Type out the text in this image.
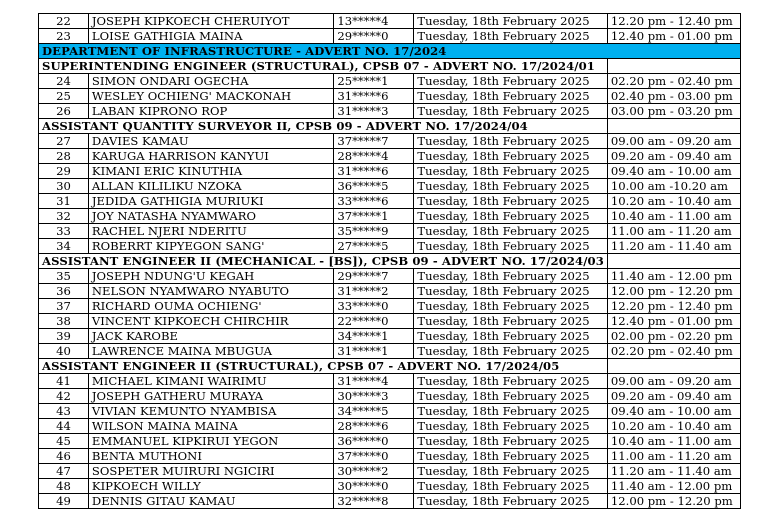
22	JOSEPH KIPKOECH CHERUIYOT	13*****4	Tuesday, 18th February 2025	12.20 pm - 12.40 pm
23	LOISE GATHIGIA MAINA	29*****0	Tuesday, 18th February 2025	12.40 pm - 01.00 pm
DEPARTMENT OF INFRASTRUCTURE - ADVERT NO. 17/2024				
SUPERINTENDING ENGINEER (STRUCTURAL), CPSB 07 - ADVERT NO. 17/2024/01				
24	SIMON ONDARI OGECHA	25*****1	Tuesday, 18th February 2025	02.20 pm - 02.40 pm
25	WESLEY OCHIENG' MACKONAH	31*****6	Tuesday, 18th February 2025	02.40 pm - 03.00 pm
26	LABAN KIPRONO ROP	31*****3	Tuesday, 18th February 2025	03.00 pm - 03.20 pm
ASSISTANT QUANTITY SURVEYOR II, CPSB 09 - ADVERT NO. 17/2024/04				
27	DAVIES KAMAU	37*****7	Tuesday, 18th February 2025	09.00 am - 09.20 am
28	KARUGA HARRISON KANYUI	28*****4	Tuesday, 18th February 2025	09.20 am - 09.40 am
29	KIMANI ERIC KINUTHIA	31*****6	Tuesday, 18th February 2025	09.40 am - 10.00 am
30	ALLAN KILILIKU NZOKA	36*****5	Tuesday, 18th February 2025	10.00 am -10.20 am
31	JEDIDA GATHIGIA MURIUKI	33*****6	Tuesday, 18th February 2025	10.20 am - 10.40 am
32	JOY NATASHA NYAMWARO	37*****1	Tuesday, 18th February 2025	10.40 am - 11.00 am
33	RACHEL NJERI NDERITU	35*****9	Tuesday, 18th February 2025	11.00 am - 11.20 am
34	ROBERRT KIPYEGON SANG'	27*****5	Tuesday, 18th February 2025	11.20 am - 11.40 am
ASSISTANT ENGINEER II (MECHANICAL - [BS]), CPSB 09 - ADVERT NO. 17/2024/03				
35	JOSEPH NDUNG'U KEGAH	29*****7	Tuesday, 18th February 2025	11.40 am - 12.00 pm
36	NELSON NYAMWARO NYABUTO	31*****2	Tuesday, 18th February 2025	12.00 pm - 12.20 pm
37	RICHARD OUMA OCHIENG'	33*****0	Tuesday, 18th February 2025	12.20 pm - 12.40 pm
38	VINCENT KIPKOECH CHIRCHIR	22*****0	Tuesday, 18th February 2025	12.40 pm - 01.00 pm
39	JACK KAROBE	34*****1	Tuesday, 18th February 2025	02.00 pm - 02.20 pm
40	LAWRENCE MAINA MBUGUA	31*****1	Tuesday, 18th February 2025	02.20 pm - 02.40 pm
ASSISTANT ENGINEER II (STRUCTURAL), CPSB 07 - ADVERT NO. 17/2024/05				
41	MICHAEL KIMANI WAIRIMU	31*****4	Tuesday, 18th February 2025	09.00 am - 09.20 am
42	JOSEPH GATHERU MURAYA	30*****3	Tuesday, 18th February 2025	09.20 am - 09.40 am
43	VIVIAN KEMUNTO NYAMBISA	34*****5	Tuesday, 18th February 2025	09.40 am - 10.00 am
44	WILSON MAINA MAINA	28*****6	Tuesday, 18th February 2025	10.20 am - 10.40 am
45	EMMANUEL KIPKIRUI YEGON	36*****0	Tuesday, 18th February 2025	10.40 am - 11.00 am
46	BENTA MUTHONI	37*****0	Tuesday, 18th February 2025	11.00 am - 11.20 am
47	SOSPETER MUIRURI NGICIRI	30*****2	Tuesday, 18th February 2025	11.20 am - 11.40 am
48	KIPKOECH WILLY	30*****0	Tuesday, 18th February 2025	11.40 am - 12.00 pm
49	DENNIS GITAU KAMAU	32*****8	Tuesday, 18th February 2025	12.00 pm - 12.20 pm
